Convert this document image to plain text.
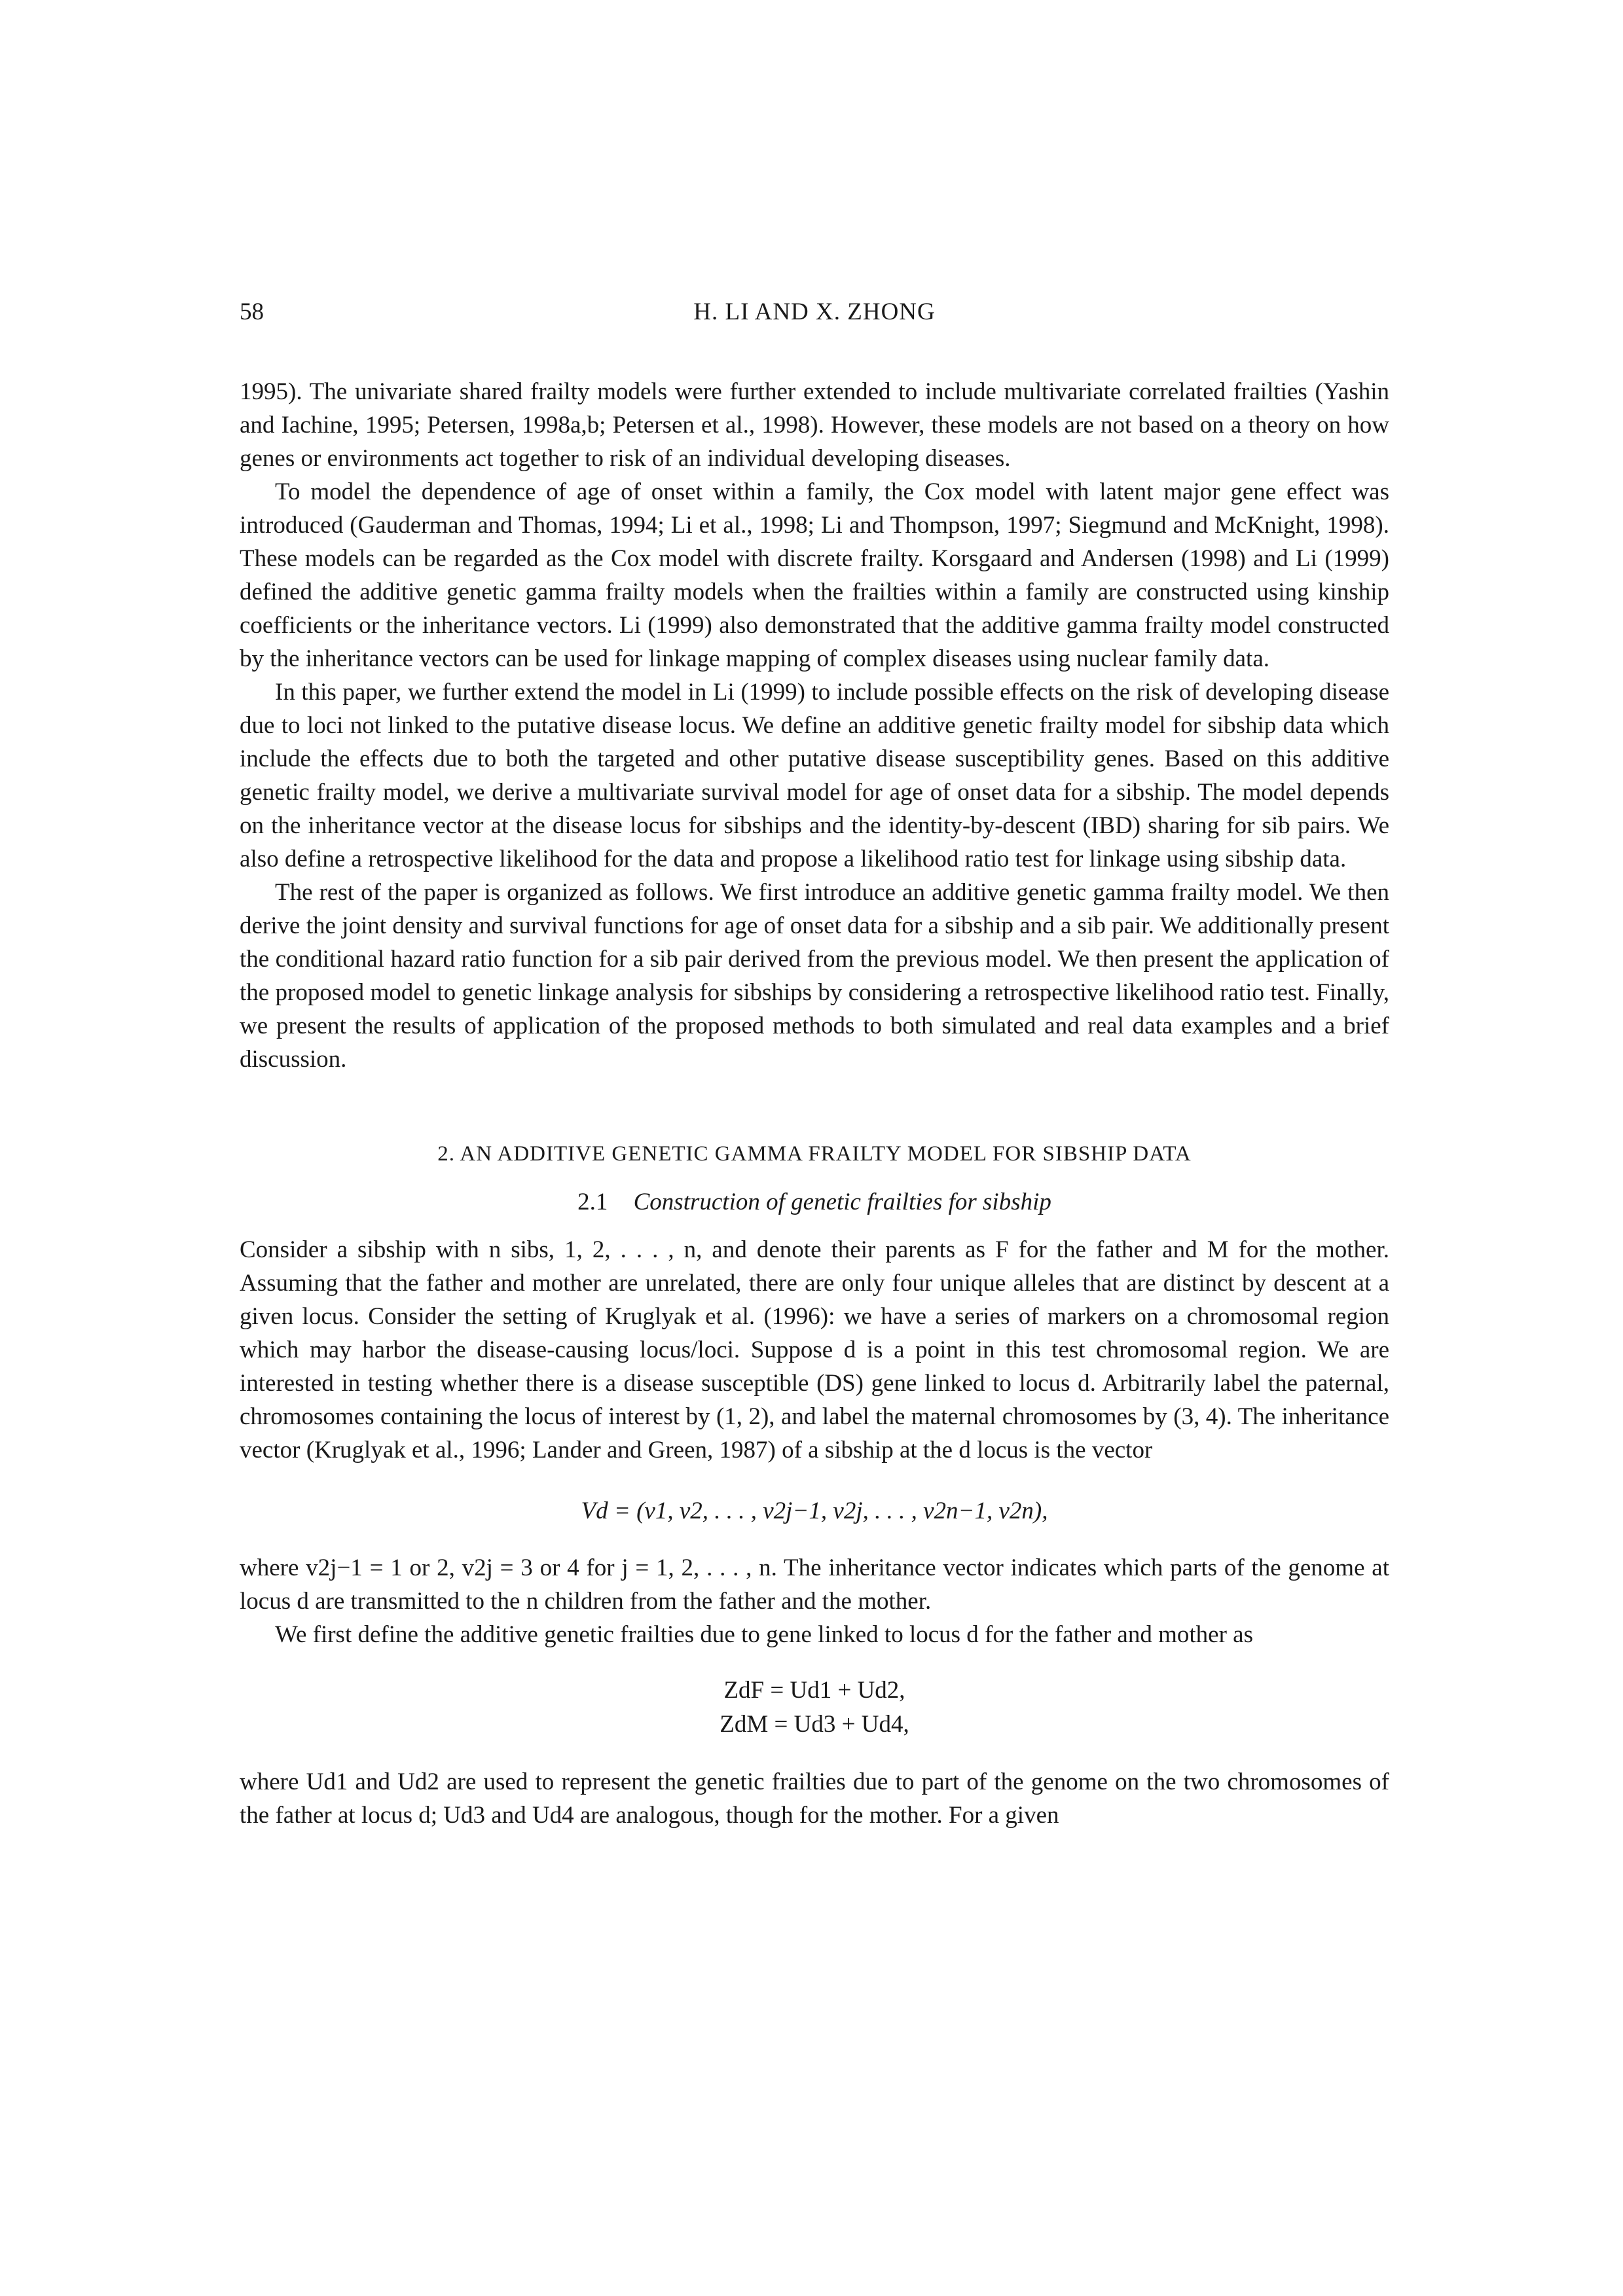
58	H. LI AND X. ZHONG

1995). The univariate shared frailty models were further extended to include multivariate correlated frailties (Yashin and Iachine, 1995; Petersen, 1998a,b; Petersen et al., 1998). However, these models are not based on a theory on how genes or environments act together to risk of an individual developing diseases.

To model the dependence of age of onset within a family, the Cox model with latent major gene effect was introduced (Gauderman and Thomas, 1994; Li et al., 1998; Li and Thompson, 1997; Siegmund and McKnight, 1998). These models can be regarded as the Cox model with discrete frailty. Korsgaard and Andersen (1998) and Li (1999) defined the additive genetic gamma frailty models when the frailties within a family are constructed using kinship coefficients or the inheritance vectors. Li (1999) also demonstrated that the additive gamma frailty model constructed by the inheritance vectors can be used for linkage mapping of complex diseases using nuclear family data.

In this paper, we further extend the model in Li (1999) to include possible effects on the risk of developing disease due to loci not linked to the putative disease locus. We define an additive genetic frailty model for sibship data which include the effects due to both the targeted and other putative disease susceptibility genes. Based on this additive genetic frailty model, we derive a multivariate survival model for age of onset data for a sibship. The model depends on the inheritance vector at the disease locus for sibships and the identity-by-descent (IBD) sharing for sib pairs. We also define a retrospective likelihood for the data and propose a likelihood ratio test for linkage using sibship data.

The rest of the paper is organized as follows. We first introduce an additive genetic gamma frailty model. We then derive the joint density and survival functions for age of onset data for a sibship and a sib pair. We additionally present the conditional hazard ratio function for a sib pair derived from the previous model. We then present the application of the proposed model to genetic linkage analysis for sibships by considering a retrospective likelihood ratio test. Finally, we present the results of application of the proposed methods to both simulated and real data examples and a brief discussion.

2. AN ADDITIVE GENETIC GAMMA FRAILTY MODEL FOR SIBSHIP DATA
2.1 Construction of genetic frailties for sibship

Consider a sibship with n sibs, 1, 2, . . . , n, and denote their parents as F for the father and M for the mother. Assuming that the father and mother are unrelated, there are only four unique alleles that are distinct by descent at a given locus. Consider the setting of Kruglyak et al. (1996): we have a series of markers on a chromosomal region which may harbor the disease-causing locus/loci. Suppose d is a point in this test chromosomal region. We are interested in testing whether there is a disease susceptible (DS) gene linked to locus d. Arbitrarily label the paternal, chromosomes containing the locus of interest by (1, 2), and label the maternal chromosomes by (3, 4). The inheritance vector (Kruglyak et al., 1996; Lander and Green, 1987) of a sibship at the d locus is the vector

Vd = (v1, v2, . . . , v2j−1, v2j, . . . , v2n−1, v2n),

where v2j−1 = 1 or 2, v2j = 3 or 4 for j = 1, 2, . . . , n. The inheritance vector indicates which parts of the genome at locus d are transmitted to the n children from the father and the mother.

We first define the additive genetic frailties due to gene linked to locus d for the father and mother as

ZdF = Ud1 + Ud2,
ZdM = Ud3 + Ud4,

where Ud1 and Ud2 are used to represent the genetic frailties due to part of the genome on the two chromosomes of the father at locus d; Ud3 and Ud4 are analogous, though for the mother. For a given
